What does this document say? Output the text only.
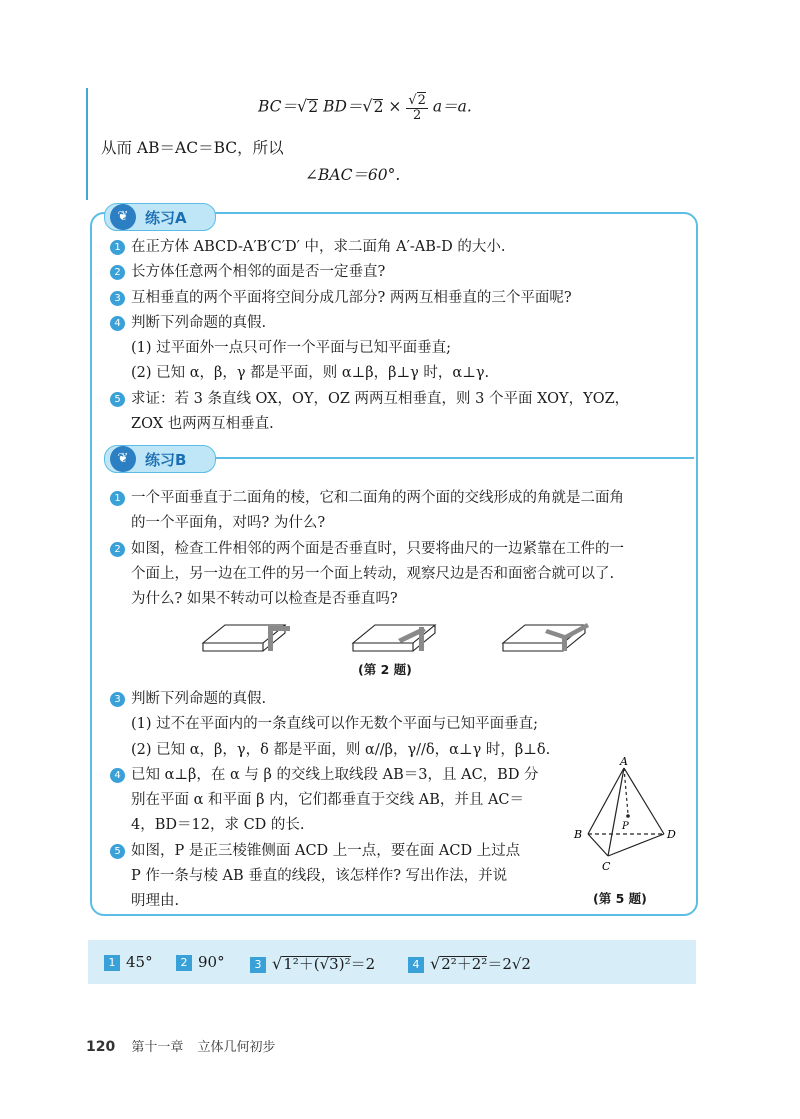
BC＝√2 $BD=√2 \times \frac{√2}{2} a=a$.
从而 AB＝AC＝BC，所以
∠BAC＝60°.
❦	练习A
1 在正方体 ABCD-A′B′C′D′ 中，求二面角 A′-AB-D 的大小.
2 长方体任意两个相邻的面是否一定垂直?
3 互相垂直的两个平面将空间分成几部分? 两两互相垂直的三个平面呢?
4 判断下列命题的真假.
(1) 过平面外一点只可作一个平面与已知平面垂直;
(2) 已知 α，β，γ 都是平面，则 α⊥β，β⊥γ 时，α⊥γ.
5 求证：若 3 条直线 OX，OY，OZ 两两互相垂直，则 3 个平面 XOY，YOZ，
ZOX 也两两互相垂直.
❦	练习B
1 一个平面垂直于二面角的棱，它和二面角的两个面的交线形成的角就是二面角
的一个平面角，对吗? 为什么?
2 如图，检查工件相邻的两个面是否垂直时，只要将曲尺的一边紧靠在工件的一
个面上，另一边在工件的另一个面上转动，观察尺边是否和面密合就可以了.
为什么? 如果不转动可以检查是否垂直吗?
(第 2 题)
3 判断下列命题的真假.
(1) 过不在平面内的一条直线可以作无数个平面与已知平面垂直;
(2) 已知 α，β，γ，δ 都是平面，则 α//β，γ//δ，α⊥γ 时，β⊥δ.
4 已知 α⊥β，在 α 与 β 的交线上取线段 AB＝3，且 AC，BD 分
别在平面 α 和平面 β 内，它们都垂直于交线 AB，并且 AC＝
4，BD＝12，求 CD 的长.
5 如图，P 是正三棱锥侧面 ACD 上一点，要在面 ACD 上过点
P 作一条与棱 AB 垂直的线段，该怎样作? 写出作法，并说
明理由.
A
B
C
D
P
(第 5 题)
1 45°	2 90°	3 √1²＋(√3)²＝2	4 √2²＋2²＝2√2
120 第十一章 立体几何初步
